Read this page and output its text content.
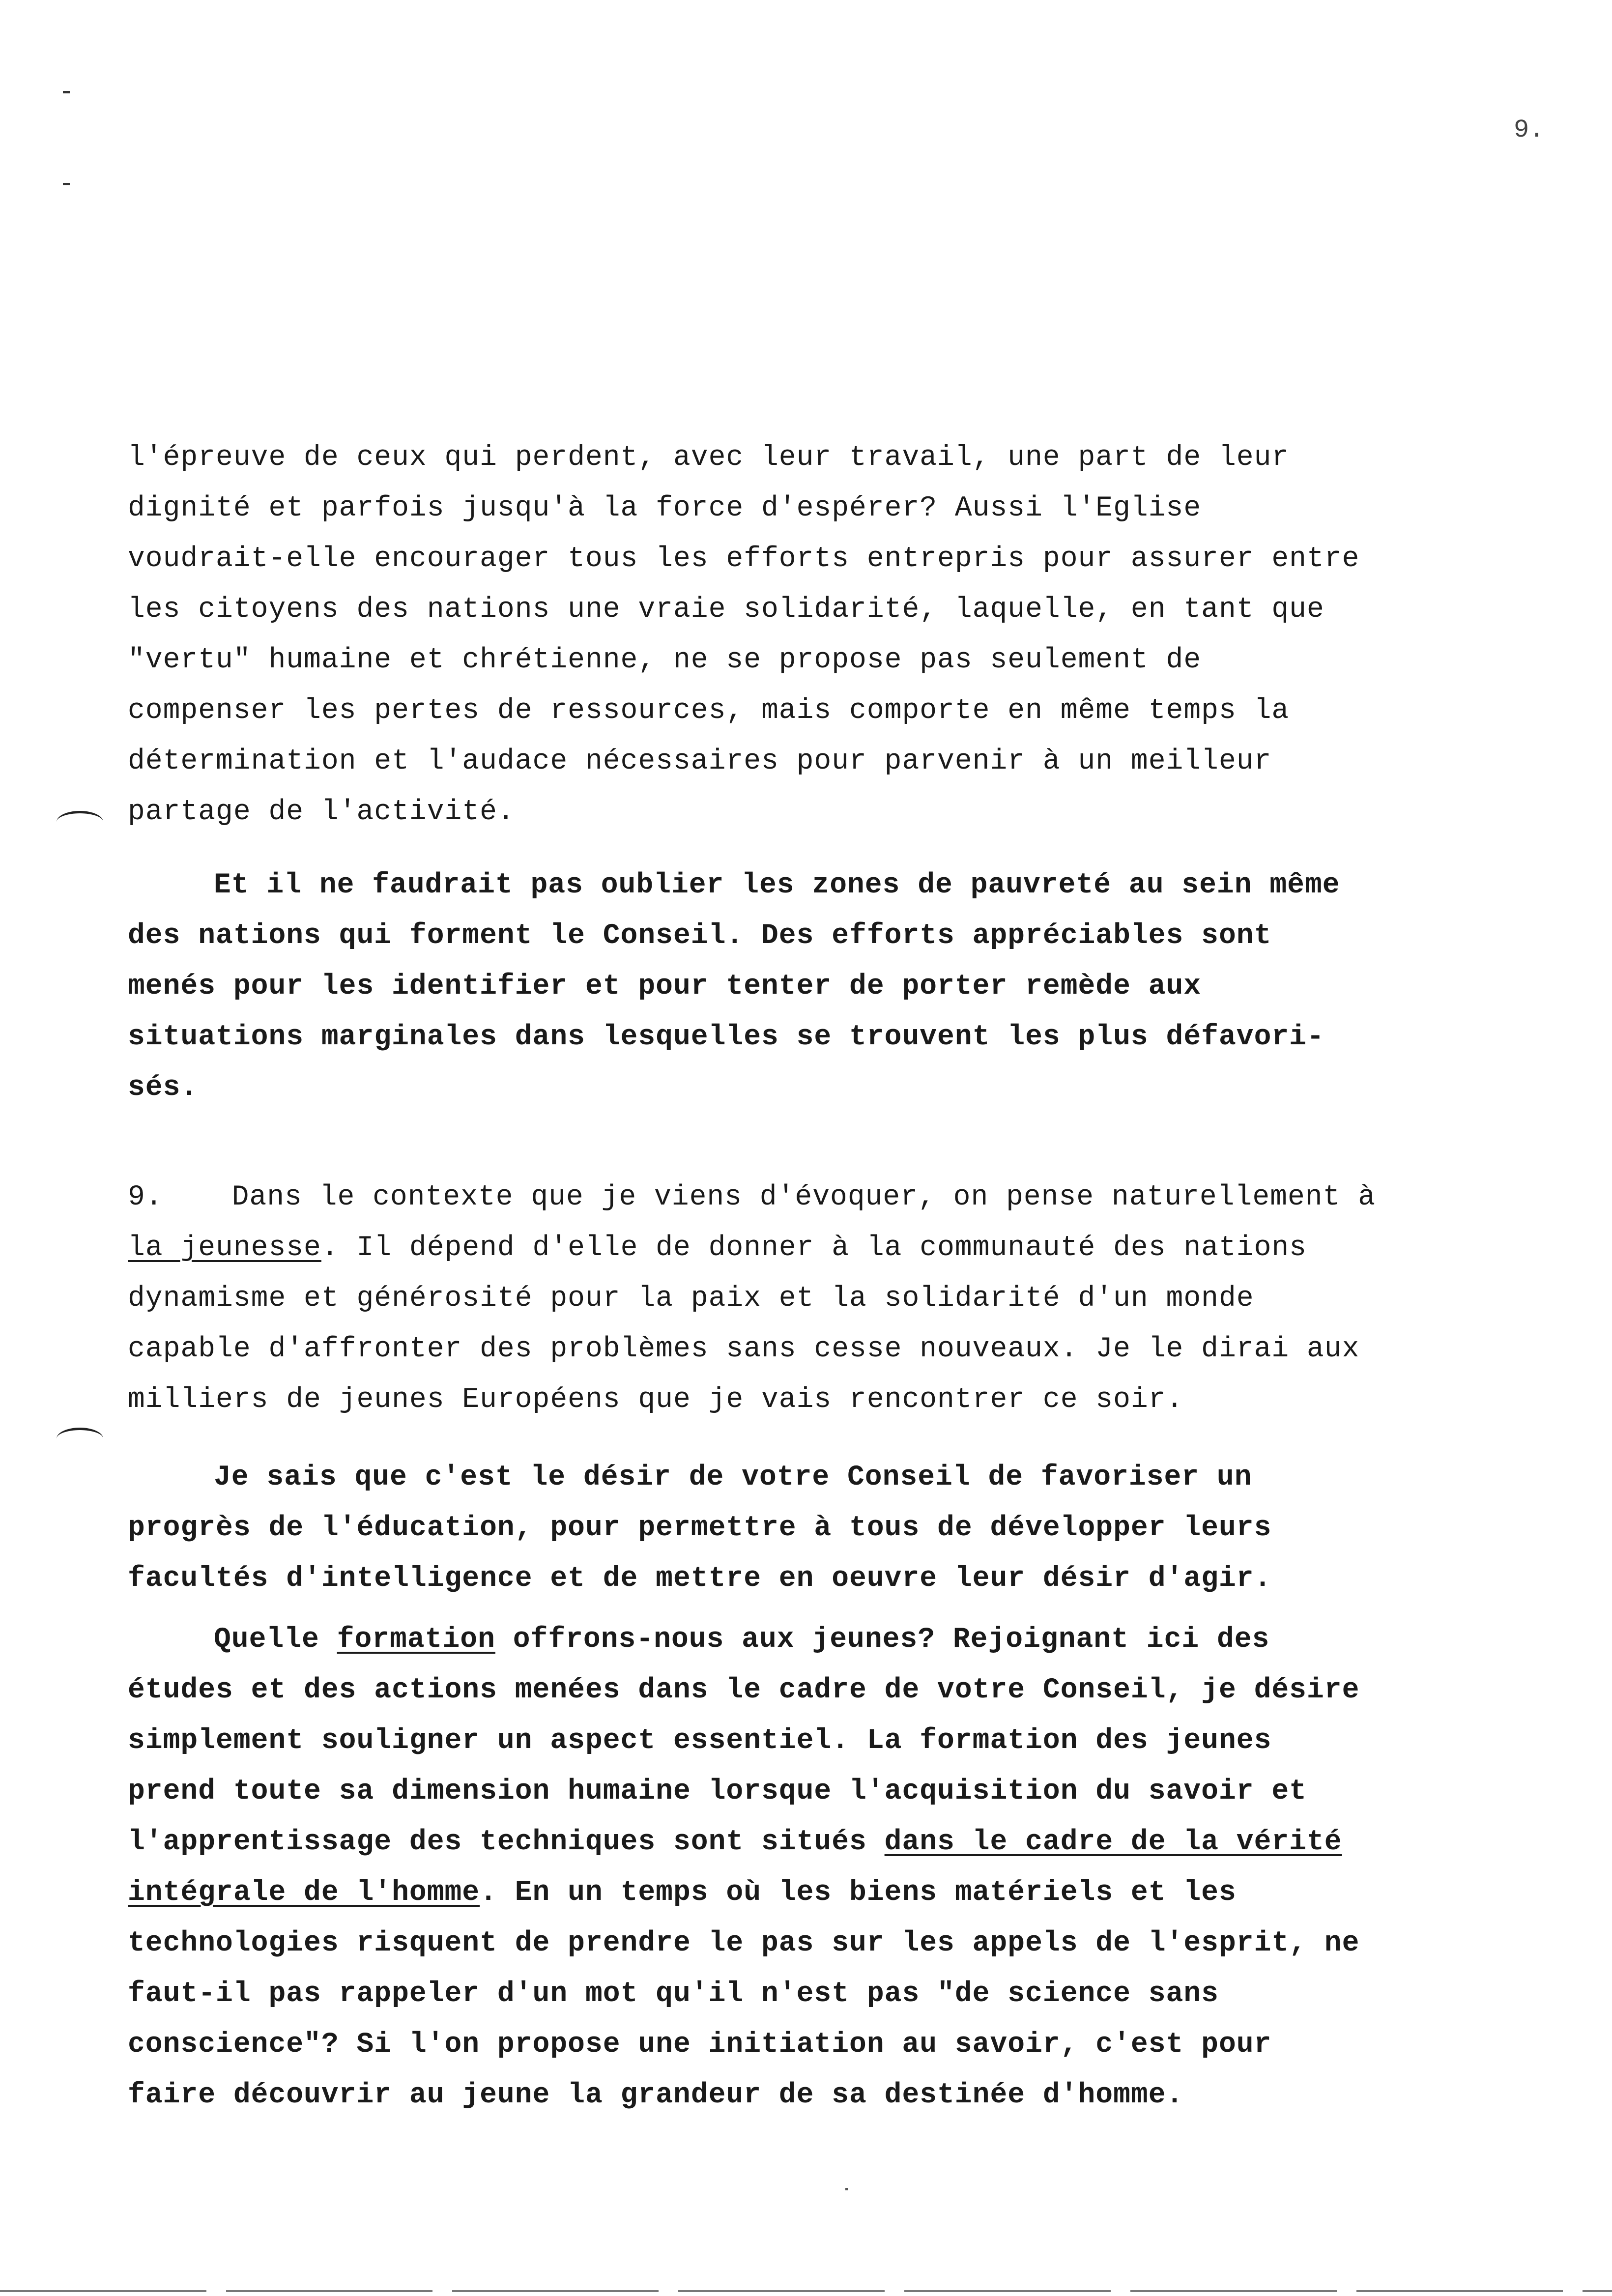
9.
l'épreuve de ceux qui perdent, avec leur travail, une part de leur
dignité et parfois jusqu'à la force d'espérer? Aussi l'Eglise
voudrait-elle encourager tous les efforts entrepris pour assurer entre
les citoyens des nations une vraie solidarité, laquelle, en tant que
"vertu" humaine et chrétienne, ne se propose pas seulement de
compenser les pertes de ressources, mais comporte en même temps la
détermination et l'audace nécessaires pour parvenir à un meilleur
partage de l'activité.
Et il ne faudrait pas oublier les zones de pauvreté au sein même
des nations qui forment le Conseil. Des efforts appréciables sont
menés pour les identifier et pour tenter de porter remède aux
situations marginales dans lesquelles se trouvent les plus défavori-
sés.
9. Dans le contexte que je viens d'évoquer, on pense naturellement à
la jeunesse. Il dépend d'elle de donner à la communauté des nations
dynamisme et générosité pour la paix et la solidarité d'un monde
capable d'affronter des problèmes sans cesse nouveaux. Je le dirai aux
milliers de jeunes Européens que je vais rencontrer ce soir.
Je sais que c'est le désir de votre Conseil de favoriser un
progrès de l'éducation, pour permettre à tous de développer leurs
facultés d'intelligence et de mettre en oeuvre leur désir d'agir.
Quelle formation offrons-nous aux jeunes? Rejoignant ici des
études et des actions menées dans le cadre de votre Conseil, je désire
simplement souligner un aspect essentiel. La formation des jeunes
prend toute sa dimension humaine lorsque l'acquisition du savoir et
l'apprentissage des techniques sont situés dans le cadre de la vérité
intégrale de l'homme. En un temps où les biens matériels et les
technologies risquent de prendre le pas sur les appels de l'esprit, ne
faut-il pas rappeler d'un mot qu'il n'est pas "de science sans
conscience"? Si l'on propose une initiation au savoir, c'est pour
faire découvrir au jeune la grandeur de sa destinée d'homme.
